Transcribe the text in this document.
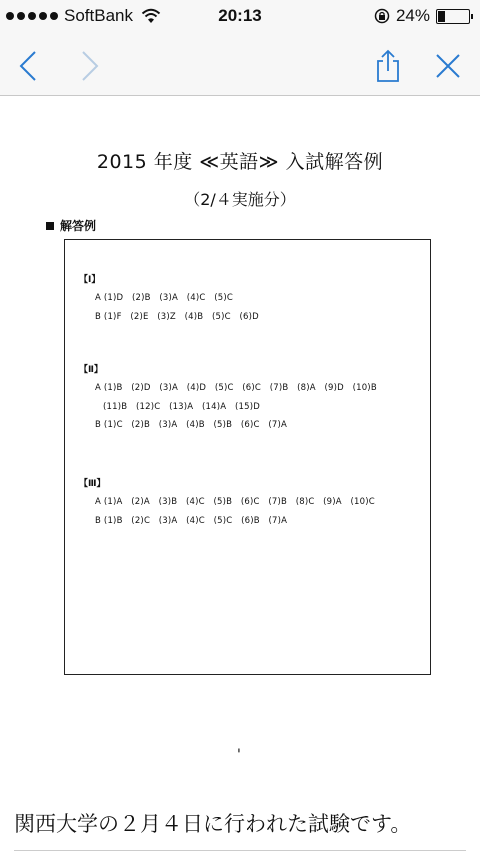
SoftBank	20:13	24%
2015 年度 ≪英語≫ 入試解答例
（2/４実施分）
解答例
【Ⅰ】
A (1)D　(2)B　(3)A　(4)C　(5)C
B (1)F　(2)E　(3)Z　(4)B　(5)C　(6)D
【Ⅱ】
A (1)B　(2)D　(3)A　(4)D　(5)C　(6)C　(7)B　(8)A　(9)D　(10)B
(11)B　(12)C　(13)A　(14)A　(15)D
B (1)C　(2)B　(3)A　(4)B　(5)B　(6)C　(7)A
【Ⅲ】
A (1)A　(2)A　(3)B　(4)C　(5)B　(6)C　(7)B　(8)C　(9)A　(10)C
B (1)B　(2)C　(3)A　(4)C　(5)C　(6)B　(7)A
'
関西大学の２月４日に行われた試験です。
